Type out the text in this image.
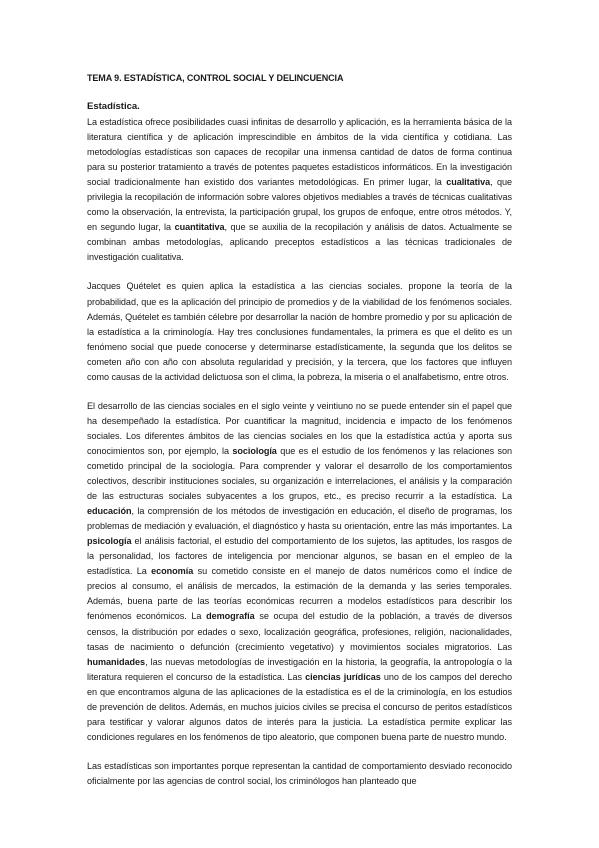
TEMA 9. ESTADÍSTICA, CONTROL SOCIAL Y DELINCUENCIA
Estadística.

La estadística ofrece posibilidades cuasi infinitas de desarrollo y aplicación, es la herramienta básica de la literatura científica y de aplicación imprescindible en ámbitos de la vida científica y cotidiana. Las metodologías estadísticas son capaces de recopilar una inmensa cantidad de datos de forma continua para su posterior tratamiento a través de potentes paquetes estadísticos informáticos. En la investigación social tradicionalmente han existido dos variantes metodológicas. En primer lugar, la cualitativa, que privilegia la recopilación de información sobre valores objetivos mediables a través de técnicas cualitativas como la observación, la entrevista, la participación grupal, los grupos de enfoque, entre otros métodos. Y, en segundo lugar, la cuantitativa, que se auxilia de la recopilación y análisis de datos. Actualmente se combinan ambas metodologías, aplicando preceptos estadísticos a las técnicas tradicionales de investigación cualitativa.

Jacques Quételet es quien aplica la estadística a las ciencias sociales. propone la teoría de la probabilidad, que es la aplicación del principio de promedios y de la viabilidad de los fenómenos sociales. Además, Quételet es también célebre por desarrollar la nación de hombre promedio y por su aplicación de la estadística a la criminología. Hay tres conclusiones fundamentales, la primera es que el delito es un fenómeno social que puede conocerse y determinarse estadísticamente, la segunda que los delitos se cometen año con año con absoluta regularidad y precisión, y la tercera, que los factores que influyen como causas de la actividad delictuosa son el clima, la pobreza, la miseria o el analfabetismo, entre otros.

El desarrollo de las ciencias sociales en el siglo veinte y veintiuno no se puede entender sin el papel que ha desempeñado la estadística. Por cuantificar la magnitud, incidencia e impacto de los fenómenos sociales. Los diferentes ámbitos de las ciencias sociales en los que la estadística actúa y aporta sus conocimientos son, por ejemplo, la sociología que es el estudio de los fenómenos y las relaciones son cometido principal de la sociología. Para comprender y valorar el desarrollo de los comportamientos colectivos, describir instituciones sociales, su organización e interrelaciones, el análisis y la comparación de las estructuras sociales subyacentes a los grupos, etc., es preciso recurrir a la estadística. La educación, la comprensión de los métodos de investigación en educación, el diseño de programas, los problemas de mediación y evaluación, el diagnóstico y hasta su orientación, entre las más importantes. La psicología el análisis factorial, el estudio del comportamiento de los sujetos, las aptitudes, los rasgos de la personalidad, los factores de inteligencia por mencionar algunos, se basan en el empleo de la estadística. La economía su cometido consiste en el manejo de datos numéricos como el índice de precios al consumo, el análisis de mercados, la estimación de la demanda y las series temporales. Además, buena parte de las teorías económicas recurren a modelos estadísticos para describir los fenómenos económicos. La demografía se ocupa del estudio de la población, a través de diversos censos, la distribución por edades o sexo, localización geográfica, profesiones, religión, nacionalidades, tasas de nacimiento o defunción (crecimiento vegetativo) y movimientos sociales migratorios. Las humanidades, las nuevas metodologías de investigación en la historia, la geografía, la antropología o la literatura requieren el concurso de la estadística. Las ciencias jurídicas uno de los campos del derecho en que encontramos alguna de las aplicaciones de la estadística es el de la criminología, en los estudios de prevención de delitos. Además, en muchos juicios civiles se precisa el concurso de peritos estadísticos para testificar y valorar algunos datos de interés para la justicia. La estadística permite explicar las condiciones regulares en los fenómenos de tipo aleatorio, que componen buena parte de nuestro mundo.

Las estadísticas son importantes porque representan la cantidad de comportamiento desviado reconocido oficialmente por las agencias de control social, los criminólogos han planteado que
